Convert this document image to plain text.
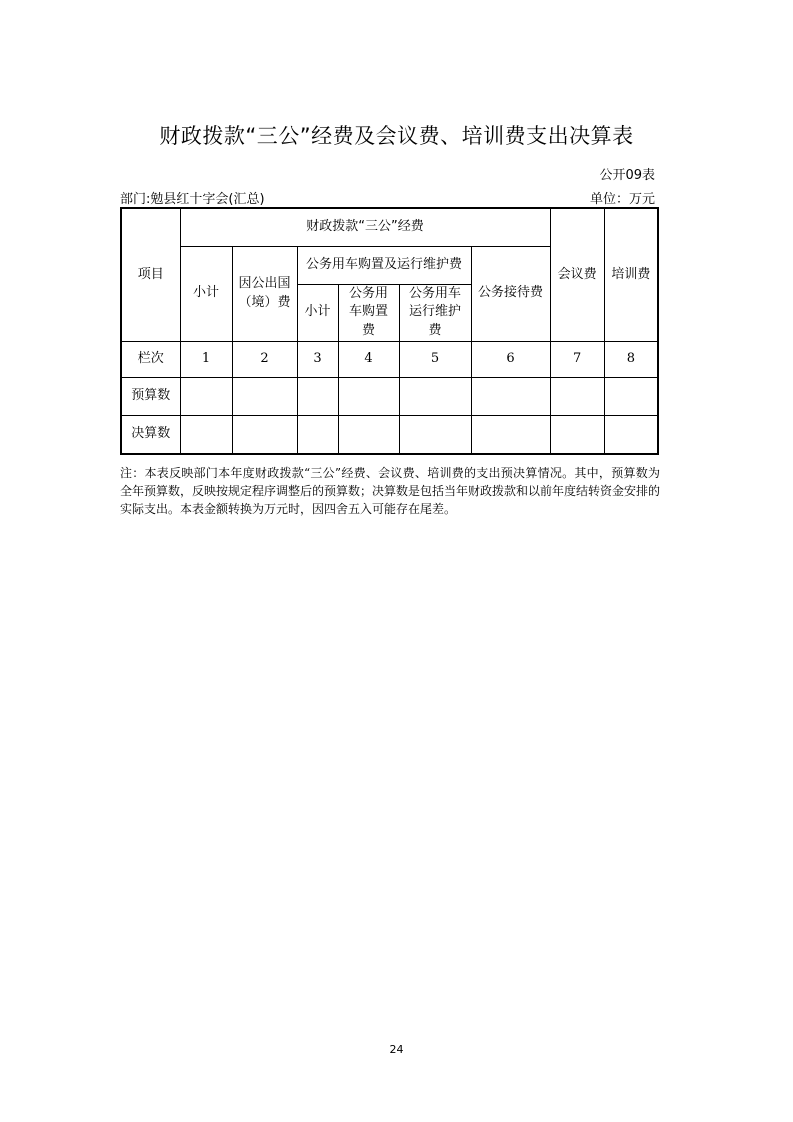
财政拨款“三公”经费及会议费、培训费支出决算表
公开09表
部门:勉县红十字会(汇总)	单位：万元
项目	财政拨款“三公”经费						会议费	培训费
	小计	因公出国（境）费	公务用车购置及运行维护费			公务接待费		
			小计	公务用车购置费	公务用车运行维护费			
栏次	1	2	3	4	5	6	7	8
预算数								
决算数								
注：本表反映部门本年度财政拨款“三公”经费、会议费、培训费的支出预决算情况。其中，预算数为全年预算数，反映按规定程序调整后的预算数；决算数是包括当年财政拨款和以前年度结转资金安排的实际支出。本表金额转换为万元时，因四舍五入可能存在尾差。
24
